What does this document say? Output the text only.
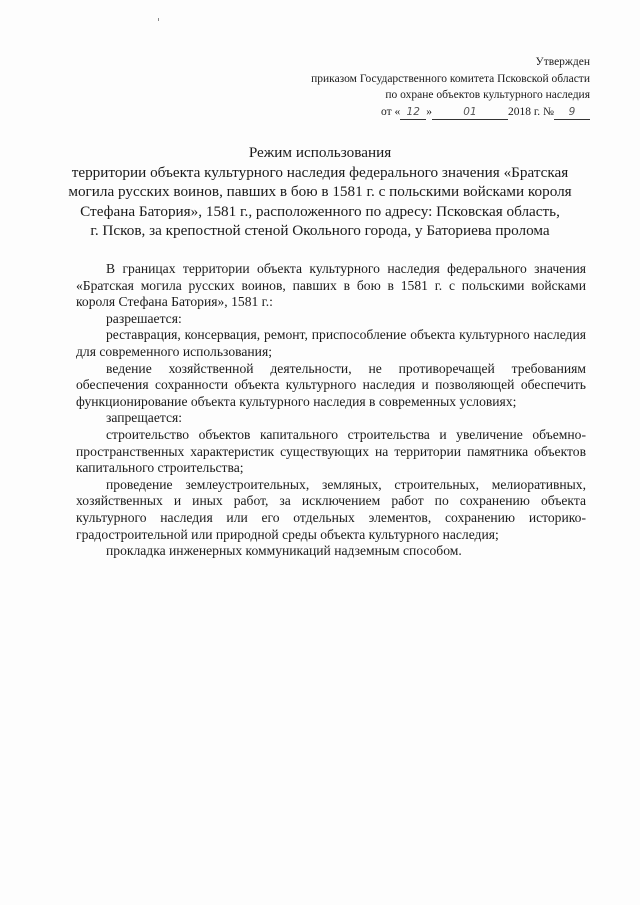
Утвержден
приказом Государственного комитета Псковской области
по охране объектов культурного наследия
от « 12 »	01	2018 г. № 9
Режим использования
территории объекта культурного наследия федерального значения «Братская
могила русских воинов, павших в бою в 1581 г. с польскими войсками короля
Стефана Батория», 1581 г., расположенного по адресу: Псковская область,
г. Псков, за крепостной стеной Окольного города, у Баториева пролома

В границах территории объекта культурного наследия федерального значения «Братская могила русских воинов, павших в бою в 1581 г. с польскими войсками короля Стефана Батория», 1581 г.:

разрешается:

реставрация, консервация, ремонт, приспособление объекта культурного наследия для современного использования;

ведение хозяйственной деятельности, не противоречащей требованиям обеспечения сохранности объекта культурного наследия и позволяющей обеспечить функционирование объекта культурного наследия в современных условиях;

запрещается:

строительство объектов капитального строительства и увеличение объемно-пространственных характеристик существующих на территории памятника объектов капитального строительства;

проведение землеустроительных, земляных, строительных, мелиоративных, хозяйственных и иных работ, за исключением работ по сохранению объекта культурного наследия или его отдельных элементов, сохранению историко-градостроительной или природной среды объекта культурного наследия;

прокладка инженерных коммуникаций надземным способом.
